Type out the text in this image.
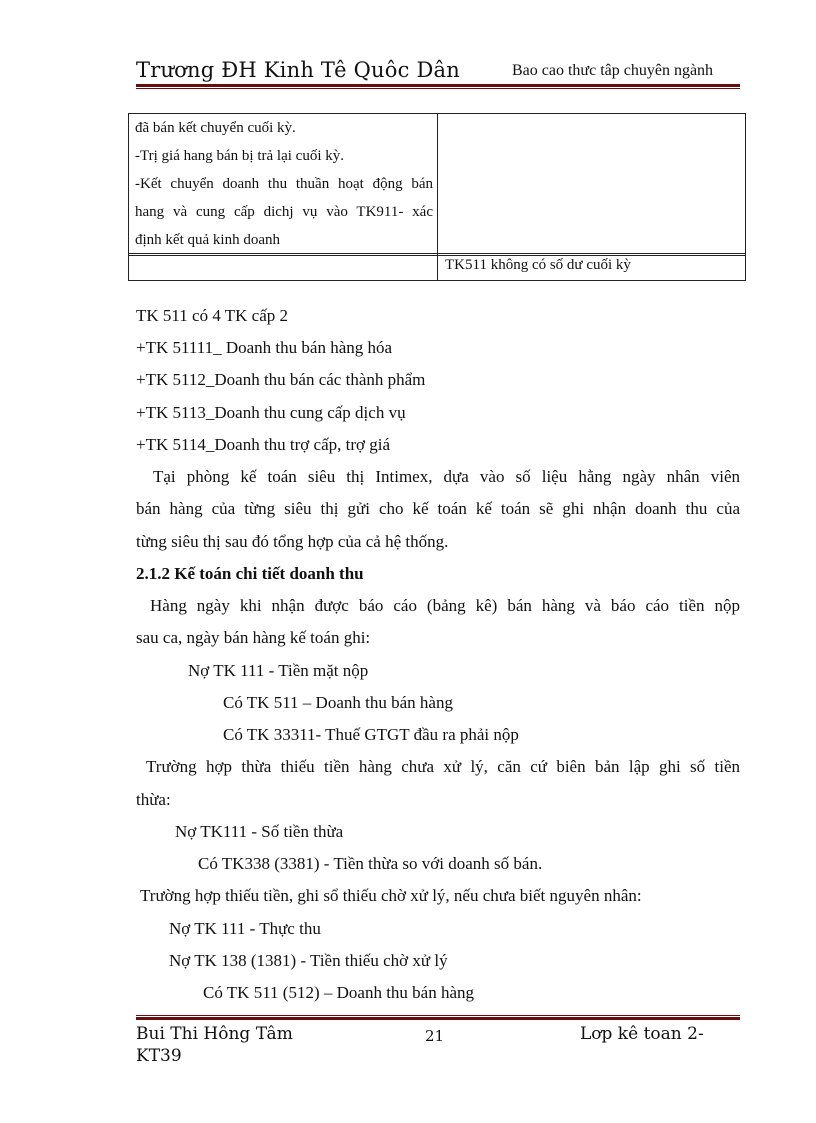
Trương ĐH Kinh Tê Quôc Dân	Bao cao thưc tâp chuyên ngành
đã bán kết chuyển cuối kỳ.
-Trị giá hang bán bị trả lại cuối kỳ.
-Kết chuyển doanh thu thuần hoạt động bán
hang và cung cấp dichj vụ vào TK911- xác
định kết quả kinh doanh
TK511 không có số dư cuối kỳ
TK 511 có 4 TK cấp 2
+TK 51111_ Doanh thu bán hàng hóa
+TK 5112_Doanh thu bán các thành phẩm
+TK 5113_Doanh thu cung cấp dịch vụ
+TK 5114_Doanh thu trợ cấp, trợ giá
Tại phòng kế toán siêu thị Intimex, dựa vào số liệu hằng ngày nhân viên
bán hàng của từng siêu thị gửi cho kế toán kế toán sẽ ghi nhận doanh thu của
từng siêu thị sau đó tổng hợp của cả hệ thống.
2.1.2 Kế toán chi tiết doanh thu
Hàng ngày khi nhận được báo cáo (bảng kê) bán hàng và báo cáo tiền nộp
sau ca, ngày bán hàng kế toán ghi:
Nợ TK 111 - Tiền mặt nộp
Có TK 511 – Doanh thu bán hàng
Có TK 33311- Thuế GTGT đầu ra phải nộp
Trường hợp thừa thiếu tiền hàng chưa xử lý, căn cứ biên bản lập ghi số tiền
thừa:
Nợ TK111 - Số tiền thừa
Có TK338 (3381) - Tiền thừa so với doanh số bán.
Trường hợp thiếu tiền, ghi sổ thiếu chờ xử lý, nếu chưa biết nguyên nhân:
Nợ TK 111 - Thực thu
Nợ TK 138 (1381) - Tiền thiếu chờ xử lý
Có TK 511 (512) – Doanh thu bán hàng
Bui Thi Hông Tâm
KT39
21	Lơp kê toan 2-
